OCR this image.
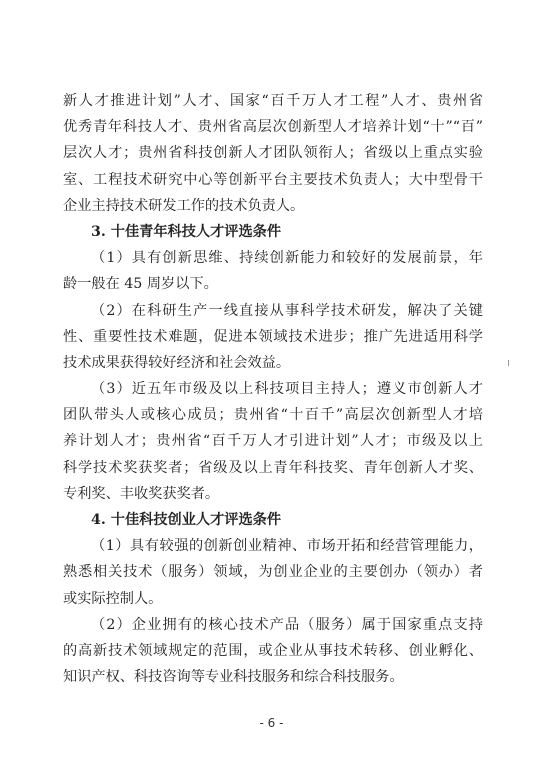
新人才推进计划”人才、国家“百千万人才工程”人才、贵州省
优秀青年科技人才、贵州省高层次创新型人才培养计划“十”“百”
层次人才；贵州省科技创新人才团队领衔人；省级以上重点实验
室、工程技术研究中心等创新平台主要技术负责人；大中型骨干
企业主持技术研发工作的技术负责人。
3. 十佳青年科技人才评选条件
（1）具有创新思维、持续创新能力和较好的发展前景，年
龄一般在 45 周岁以下。
（2）在科研生产一线直接从事科学技术研发，解决了关键
性、重要性技术难题，促进本领域技术进步；推广先进适用科学
技术成果获得较好经济和社会效益。
（3）近五年市级及以上科技项目主持人；遵义市创新人才
团队带头人或核心成员；贵州省“十百千”高层次创新型人才培
养计划人才；贵州省“百千万人才引进计划”人才；市级及以上
科学技术奖获奖者；省级及以上青年科技奖、青年创新人才奖、
专利奖、丰收奖获奖者。
4. 十佳科技创业人才评选条件
（1）具有较强的创新创业精神、市场开拓和经营管理能力，
熟悉相关技术（服务）领域，为创业企业的主要创办（领办）者
或实际控制人。
（2）企业拥有的核心技术产品（服务）属于国家重点支持
的高新技术领域规定的范围，或企业从事技术转移、创业孵化、
知识产权、科技咨询等专业科技服务和综合科技服务。
- 6 -
